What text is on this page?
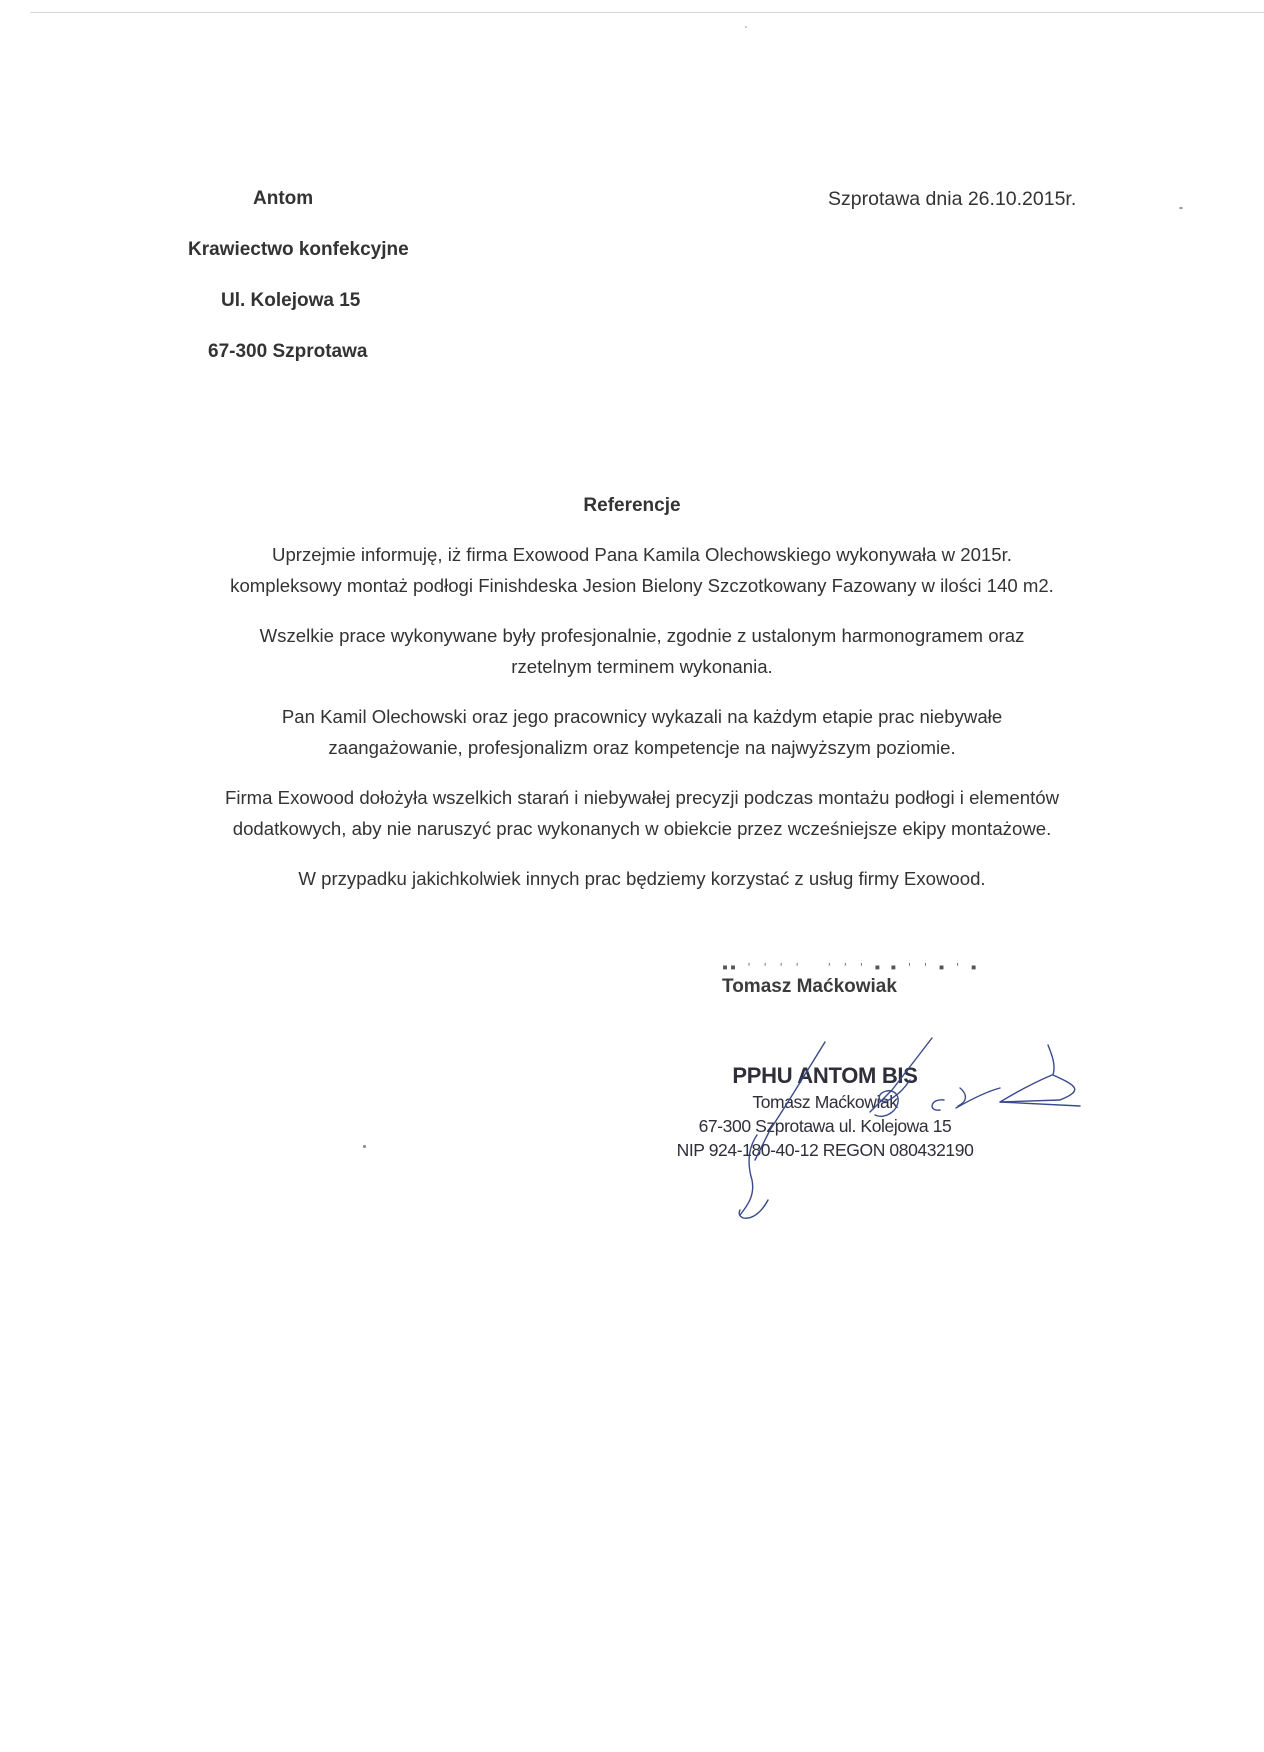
Antom
Krawiectwo konfekcyjne
Ul. Kolejowa 15
67-300 Szprotawa
Szprotawa dnia 26.10.2015r.
Referencje

Uprzejmie informuję, iż firma Exowood Pana Kamila Olechowskiego wykonywała w 2015r.
kompleksowy montaż podłogi Finishdeska Jesion Bielony Szczotkowany Fazowany w ilości 140 m2.

Wszelkie prace wykonywane były profesjonalnie, zgodnie z ustalonym harmonogramem oraz
rzetelnym terminem wykonania.

Pan Kamil Olechowski oraz jego pracownicy wykazali na każdym etapie prac niebywałe
zaangażowanie, profesjonalizm oraz kompetencje na najwyższym poziomie.

Firma Exowood dołożyła wszelkich starań i niebywałej precyzji podczas montażu podłogi i elementów
dodatkowych, aby nie naruszyć prac wykonanych w obiekcie przez wcześniejsze ekipy montażowe.

W przypadku jakichkolwiek innych prac będziemy korzystać z usług firmy Exowood.

▪▪ ' ' ' '   ' ' ' ▪ ▪ ' ' ▪ ' ▪
Tomasz Maćkowiak
PPHU ANTOM BIS
Tomasz Maćkowiak
67-300 Szprotawa ul. Kolejowa 15
NIP 924-180-40-12 REGON 080432190
